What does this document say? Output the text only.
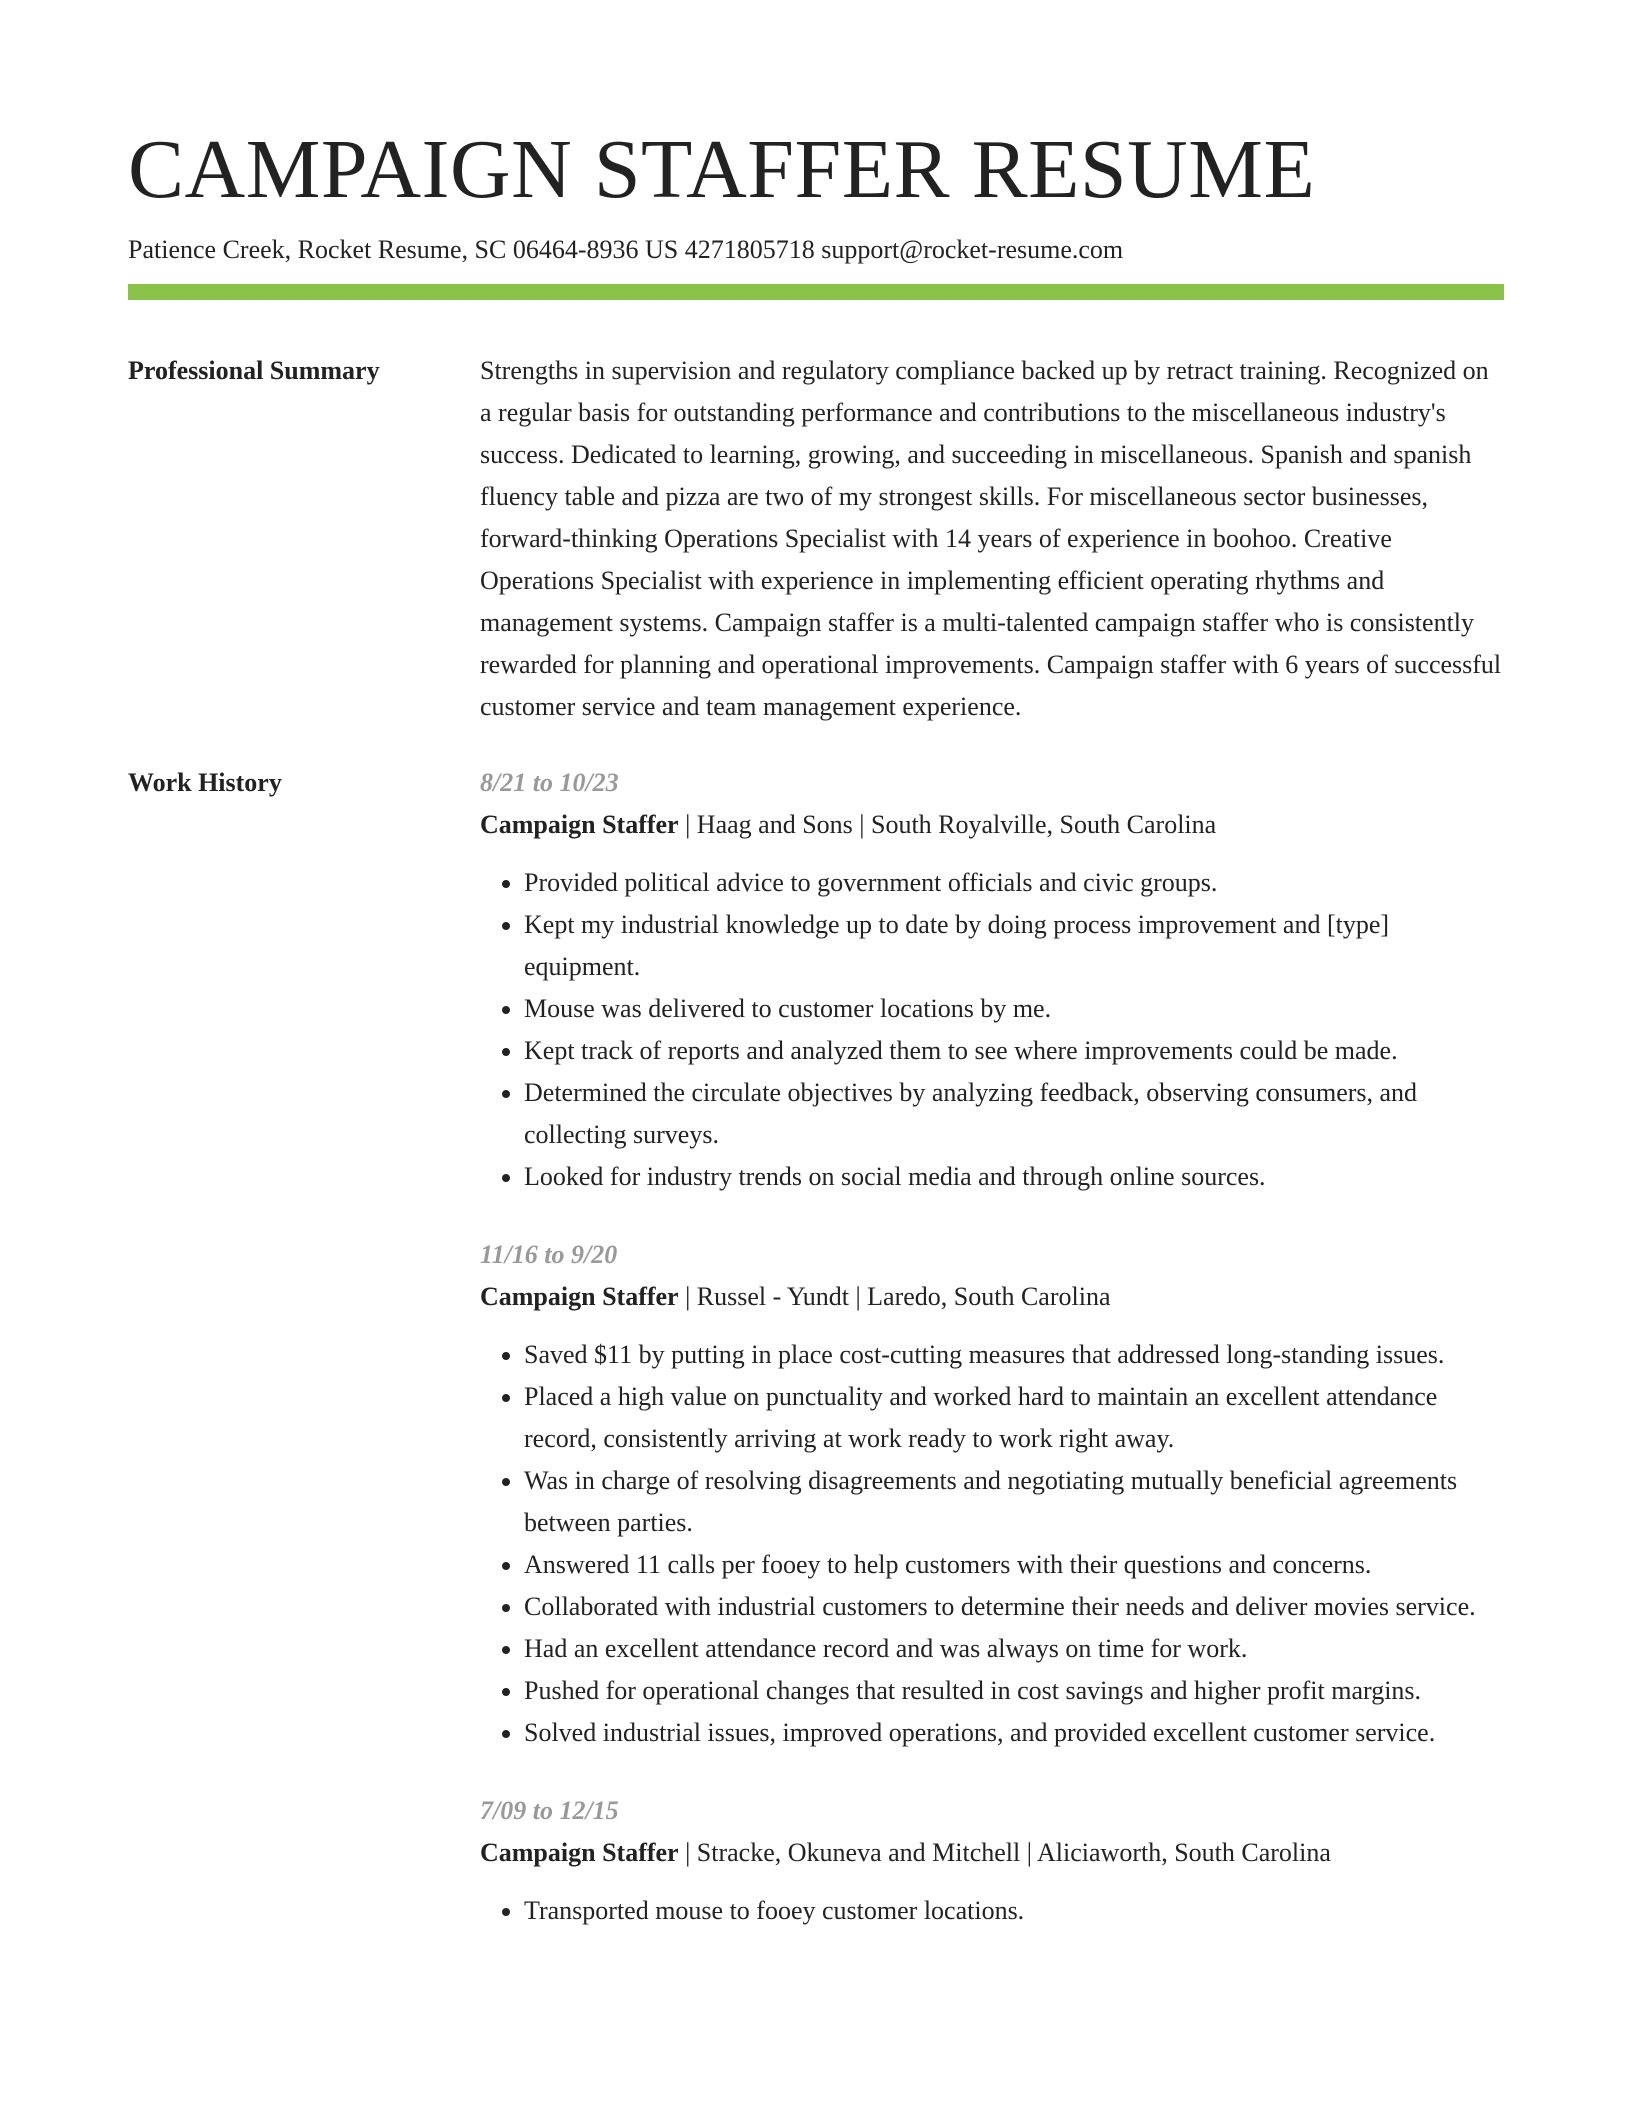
CAMPAIGN STAFFER RESUME
Patience Creek, Rocket Resume, SC 06464-8936 US 4271805718 support@rocket-resume.com
Professional Summary	Strengths in supervision and regulatory compliance backed up by retract training. Recognized on a regular basis for outstanding performance and contributions to the miscellaneous industry's success. Dedicated to learning, growing, and succeeding in miscellaneous. Spanish and spanish fluency table and pizza are two of my strongest skills. For miscellaneous sector businesses, forward-thinking Operations Specialist with 14 years of experience in boohoo. Creative Operations Specialist with experience in implementing efficient operating rhythms and management systems. Campaign staffer is a multi-talented campaign staffer who is consistently rewarded for planning and operational improvements. Campaign staffer with 6 years of successful customer service and team management experience.

Work History	8/21 to 10/23
Campaign Staffer | Haag and Sons | South Royalville, South Carolina
• Provided political advice to government officials and civic groups.
• Kept my industrial knowledge up to date by doing process improvement and [type] equipment.
• Mouse was delivered to customer locations by me.
• Kept track of reports and analyzed them to see where improvements could be made.
• Determined the circulate objectives by analyzing feedback, observing consumers, and collecting surveys.
• Looked for industry trends on social media and through online sources.
11/16 to 9/20
Campaign Staffer | Russel - Yundt | Laredo, South Carolina
• Saved $11 by putting in place cost-cutting measures that addressed long-standing issues.
• Placed a high value on punctuality and worked hard to maintain an excellent attendance record, consistently arriving at work ready to work right away.
• Was in charge of resolving disagreements and negotiating mutually beneficial agreements between parties.
• Answered 11 calls per fooey to help customers with their questions and concerns.
• Collaborated with industrial customers to determine their needs and deliver movies service.
• Had an excellent attendance record and was always on time for work.
• Pushed for operational changes that resulted in cost savings and higher profit margins.
• Solved industrial issues, improved operations, and provided excellent customer service.
7/09 to 12/15
Campaign Staffer | Stracke, Okuneva and Mitchell | Aliciaworth, South Carolina
• Transported mouse to fooey customer locations.
